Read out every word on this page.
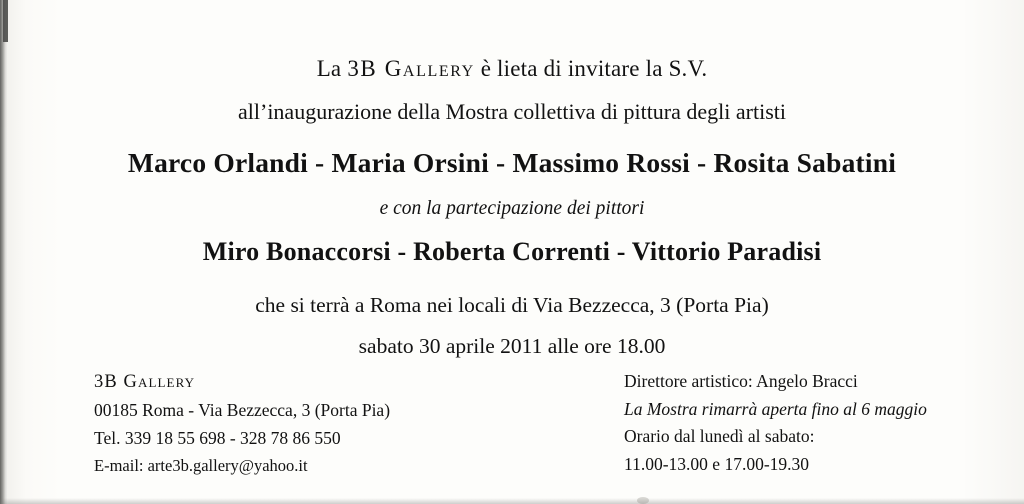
La 3B Gallery è lieta di invitare la S.V.
all’inaugurazione della Mostra collettiva di pittura degli artisti
Marco Orlandi - Maria Orsini - Massimo Rossi - Rosita Sabatini
e con la partecipazione dei pittori
Miro Bonaccorsi - Roberta Correnti - Vittorio Paradisi
che si terrà a Roma nei locali di Via Bezzecca, 3 (Porta Pia)
sabato 30 aprile 2011 alle ore 18.00
3B Gallery
00185 Roma - Via Bezzecca, 3 (Porta Pia)
Tel. 339 18 55 698 - 328 78 86 550
E-mail: arte3b.gallery@yahoo.it
Direttore artistico: Angelo Bracci
La Mostra rimarrà aperta fino al 6 maggio
Orario dal lunedì al sabato:
11.00-13.00 e 17.00-19.30
